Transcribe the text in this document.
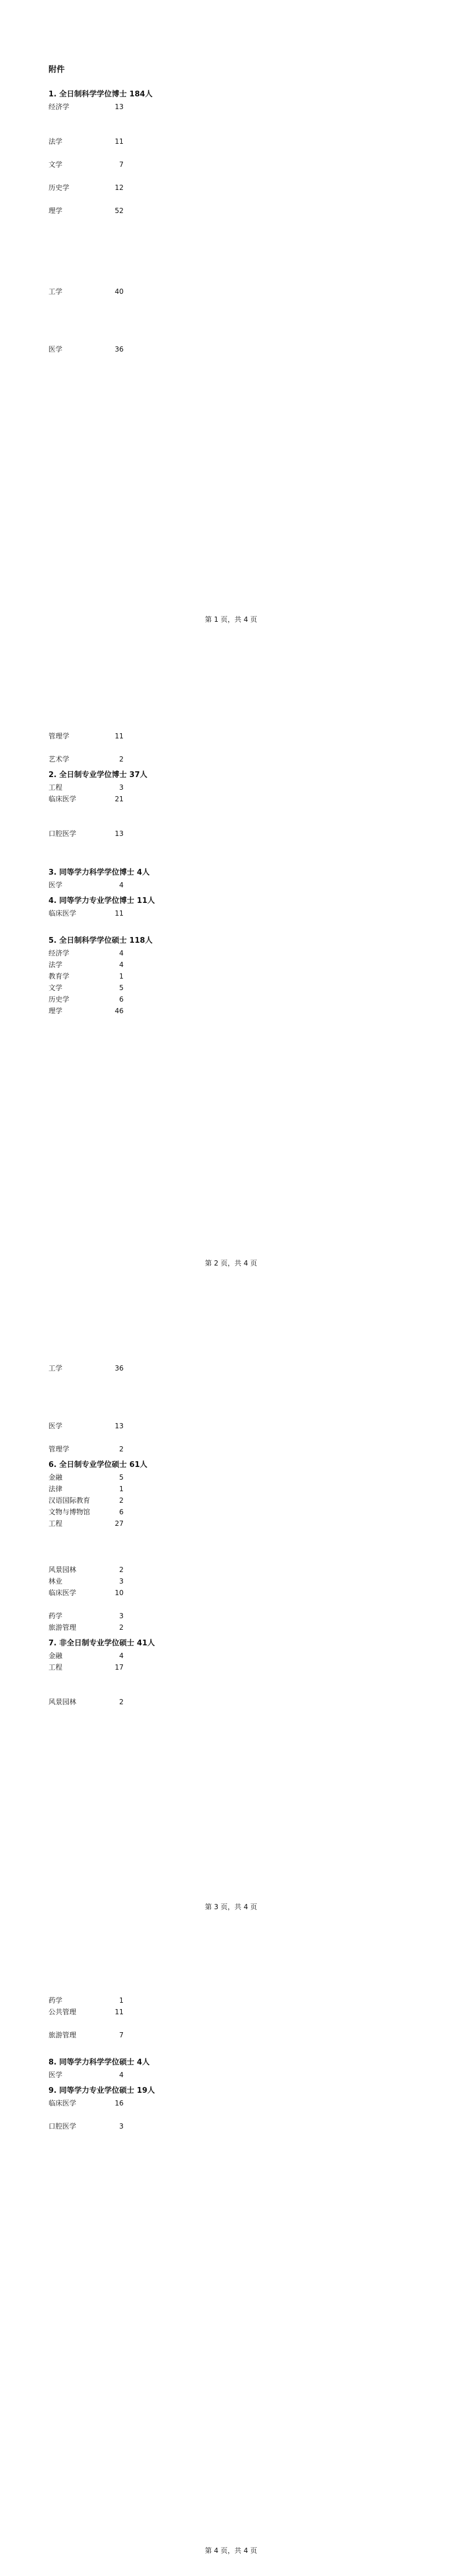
附件
1. 全日制科学学位博士 184人
经济学	13
法学	11
文学	7
历史学	12
理学	52
工学	40
医学	36
第 1 页，共 4 页
管理学	11
艺术学	2
2. 全日制专业学位博士 37人
工程	3
临床医学	21
口腔医学	13
3. 同等学力科学学位博士 4人
医学	4
4. 同等学力专业学位博士 11人
临床医学	11
5. 全日制科学学位硕士 118人
经济学	4
法学	4
教育学	1
文学	5
历史学	6
理学	46
第 2 页，共 4 页
工学	36
医学	13
管理学	2
6. 全日制专业学位硕士 61人
金融	5
法律	1
汉语国际教育	2
文物与博物馆	6
工程	27
风景园林	2
林业	3
临床医学	10
药学	3
旅游管理	2
7. 非全日制专业学位硕士 41人
金融	4
工程	17
风景园林	2
第 3 页，共 4 页
药学	1
公共管理	11
旅游管理	7
8. 同等学力科学学位硕士 4人
医学	4
9. 同等学力专业学位硕士 19人
临床医学	16
口腔医学	3
第 4 页，共 4 页
